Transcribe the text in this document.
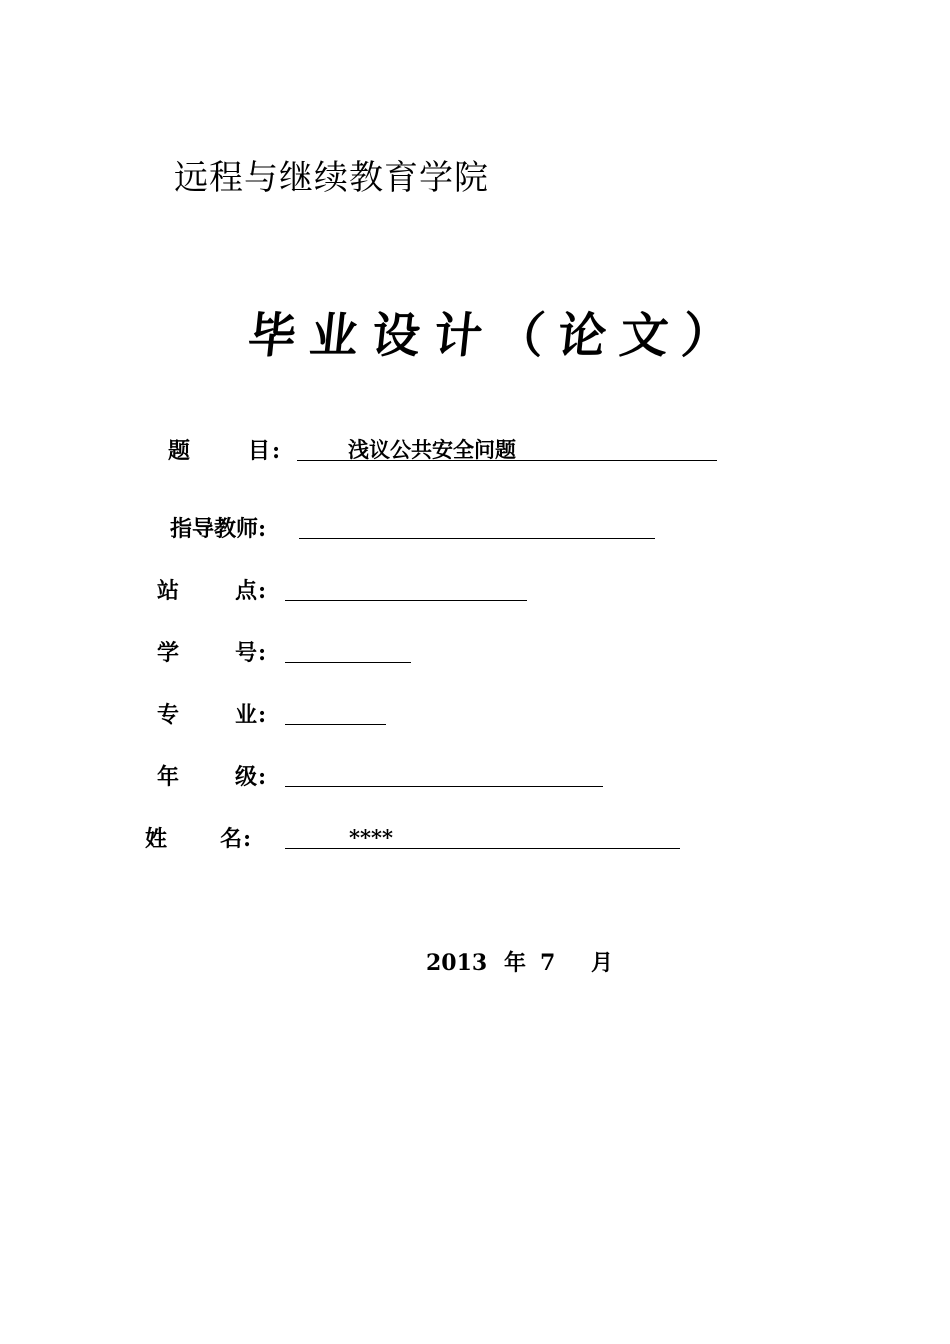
远程与继续教育学院
毕业设计（论文）
题	目 :	浅议公共安全问题
指导教师:
站	点 :
学	号 :
专	业 :
年	级 :
姓 名 :	****
2013 年 7 月
